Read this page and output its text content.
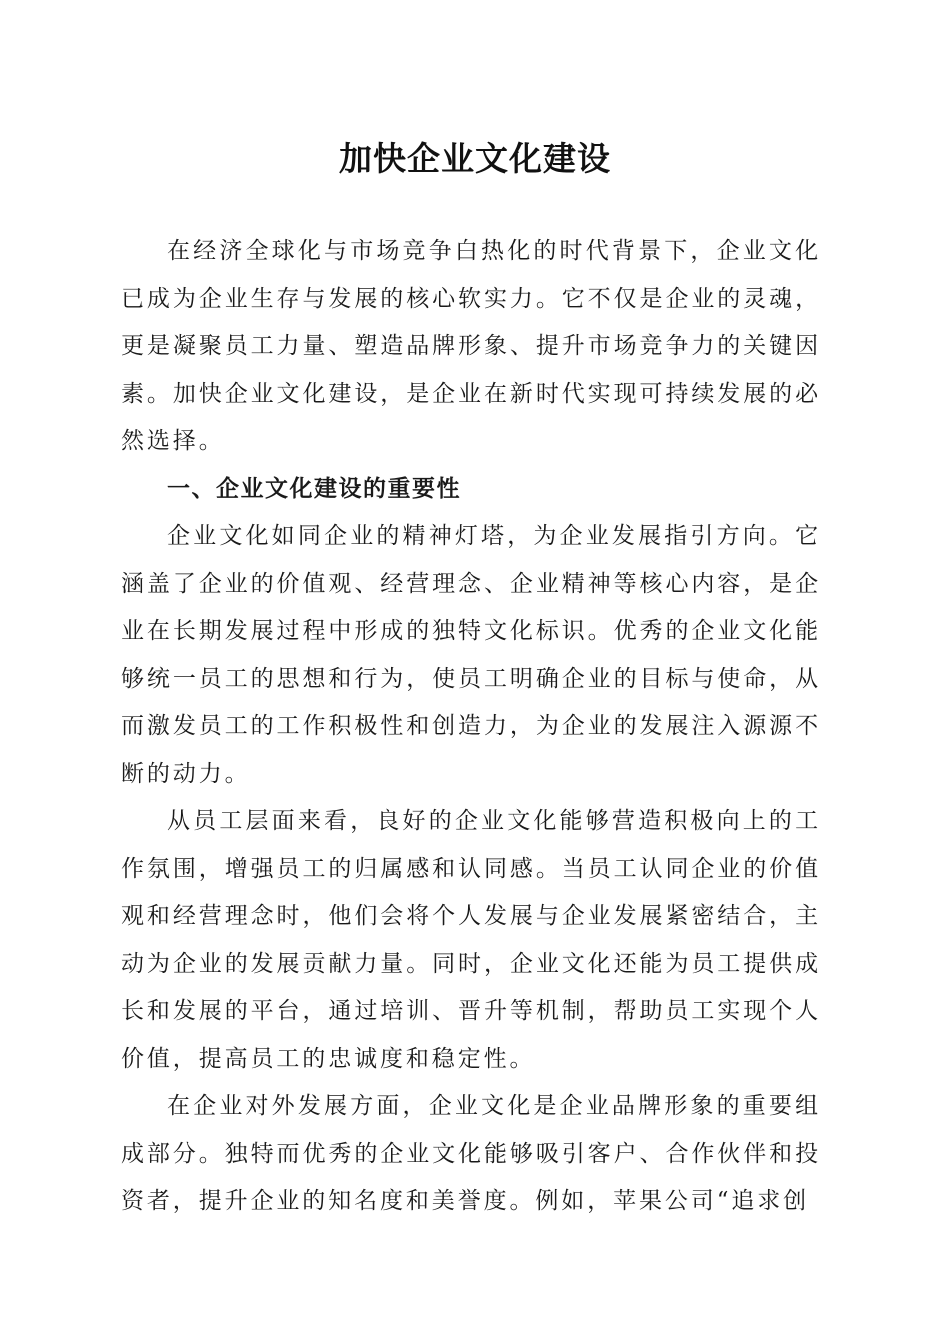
加快企业文化建设

在经济全球化与市场竞争白热化的时代背景下，企业文化已成为企业生存与发展的核心软实力。它不仅是企业的灵魂，更是凝聚员工力量、塑造品牌形象、提升市场竞争力的关键因素。加快企业文化建设，是企业在新时代实现可持续发展的必然选择。

一、企业文化建设的重要性

企业文化如同企业的精神灯塔，为企业发展指引方向。它涵盖了企业的价值观、经营理念、企业精神等核心内容，是企业在长期发展过程中形成的独特文化标识。优秀的企业文化能够统一员工的思想和行为，使员工明确企业的目标与使命，从而激发员工的工作积极性和创造力，为企业的发展注入源源不断的动力。

从员工层面来看，良好的企业文化能够营造积极向上的工作氛围，增强员工的归属感和认同感。当员工认同企业的价值观和经营理念时，他们会将个人发展与企业发展紧密结合，主动为企业的发展贡献力量。同时，企业文化还能为员工提供成长和发展的平台，通过培训、晋升等机制，帮助员工实现个人价值，提高员工的忠诚度和稳定性。

在企业对外发展方面，企业文化是企业品牌形象的重要组成部分。独特而优秀的企业文化能够吸引客户、合作伙伴和投资者，提升企业的知名度和美誉度。例如，苹果公司“追求创
